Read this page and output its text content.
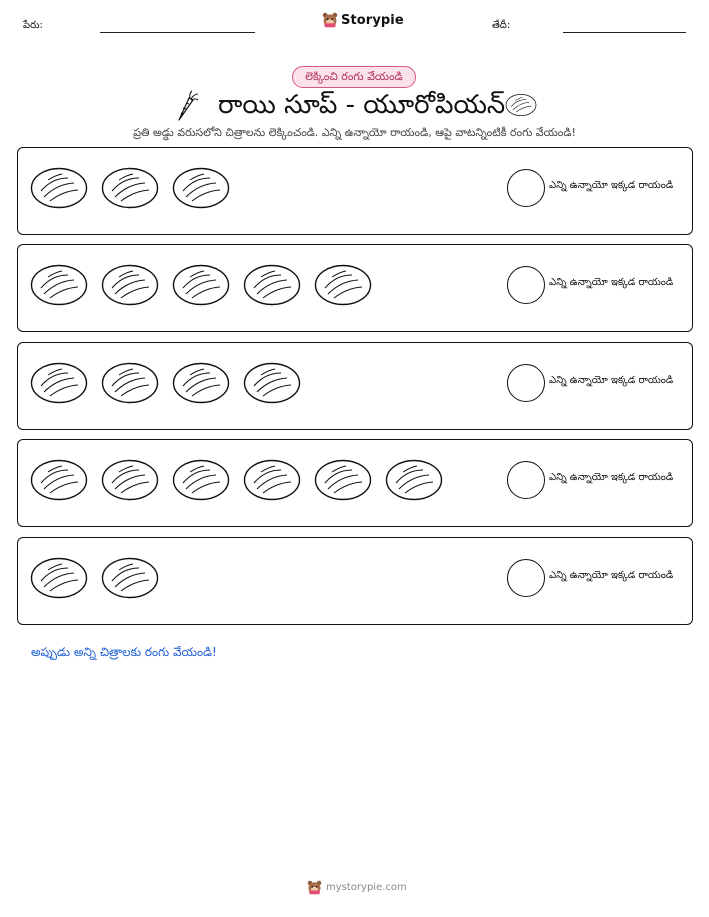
పేరు:	Storypie	తేదీ:
లెక్కించి రంగు వేయండి
రాయి సూప్ - యూరోపియన్
ప్రతి అడ్డు వరుసలోని చిత్రాలను లెక్కించండి. ఎన్ని ఉన్నాయో రాయండి, ఆపై వాటన్నింటికీ రంగు వేయండి!
ఎన్ని ఉన్నాయో ఇక్కడ రాయండి
ఎన్ని ఉన్నాయో ఇక్కడ రాయండి
ఎన్ని ఉన్నాయో ఇక్కడ రాయండి
ఎన్ని ఉన్నాయో ఇక్కడ రాయండి
ఎన్ని ఉన్నాయో ఇక్కడ రాయండి
అప్పుడు అన్ని చిత్రాలకు రంగు వేయండి!
mystorypie.com
